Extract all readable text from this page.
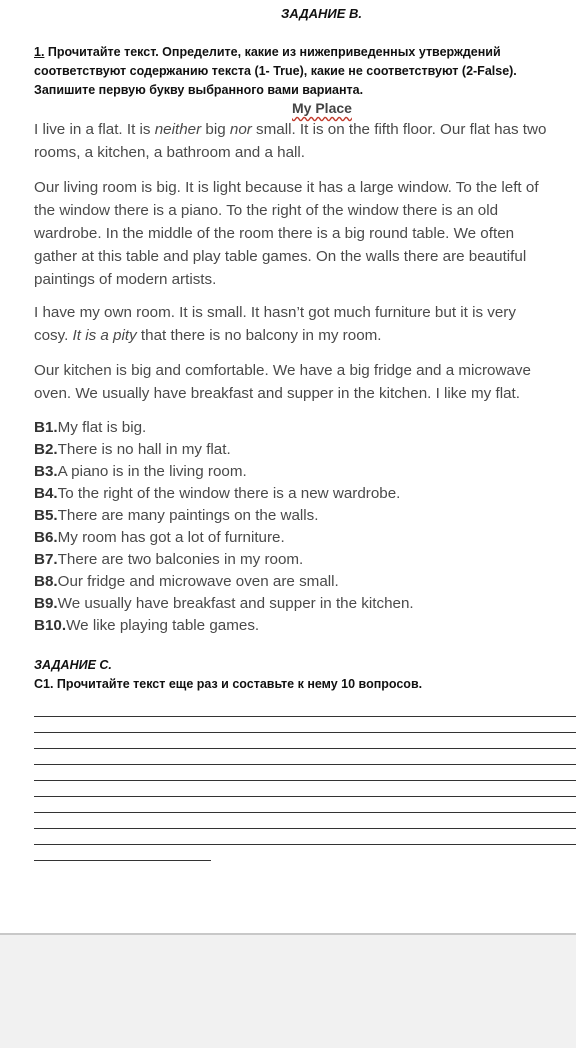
ЗАДАНИЕ В.
1. Прочитайте текст. Определите, какие из нижеприведенных утверждений
соответствуют содержанию текста (1- True), какие не соответствуют (2-False).
Запишите первую букву выбранного вами варианта.
My Place
I live in a flat. It is neither big nor small. It is on the fifth floor. Our flat has two
rooms, a kitchen, a bathroom and a hall.
Our living room is big. It is light because it has a large window. To the left of
the window there is a piano. To the right of the window there is an old
wardrobe. In the middle of the room there is a big round table. We often
gather at this table and play table games. On the walls there are beautiful
paintings of modern artists.
I have my own room. It is small. It hasn’t got much furniture but it is very
cosy. It is a pity that there is no balcony in my room.
Our kitchen is big and comfortable. We have a big fridge and a microwave
oven. We usually have breakfast and supper in the kitchen. I like my flat.
B1.My flat is big.
B2.There is no hall in my flat.
B3.A piano is in the living room.
B4.To the right of the window there is a new wardrobe.
B5.There are many paintings on the walls.
B6.My room has got a lot of furniture.
B7.There are two balconies in my room.
B8.Our fridge and microwave oven are small.
B9.We usually have breakfast and supper in the kitchen.
B10.We like playing table games.
ЗАДАНИЕ С.
С1. Прочитайте текст еще раз и составьте к нему 10 вопросов.
